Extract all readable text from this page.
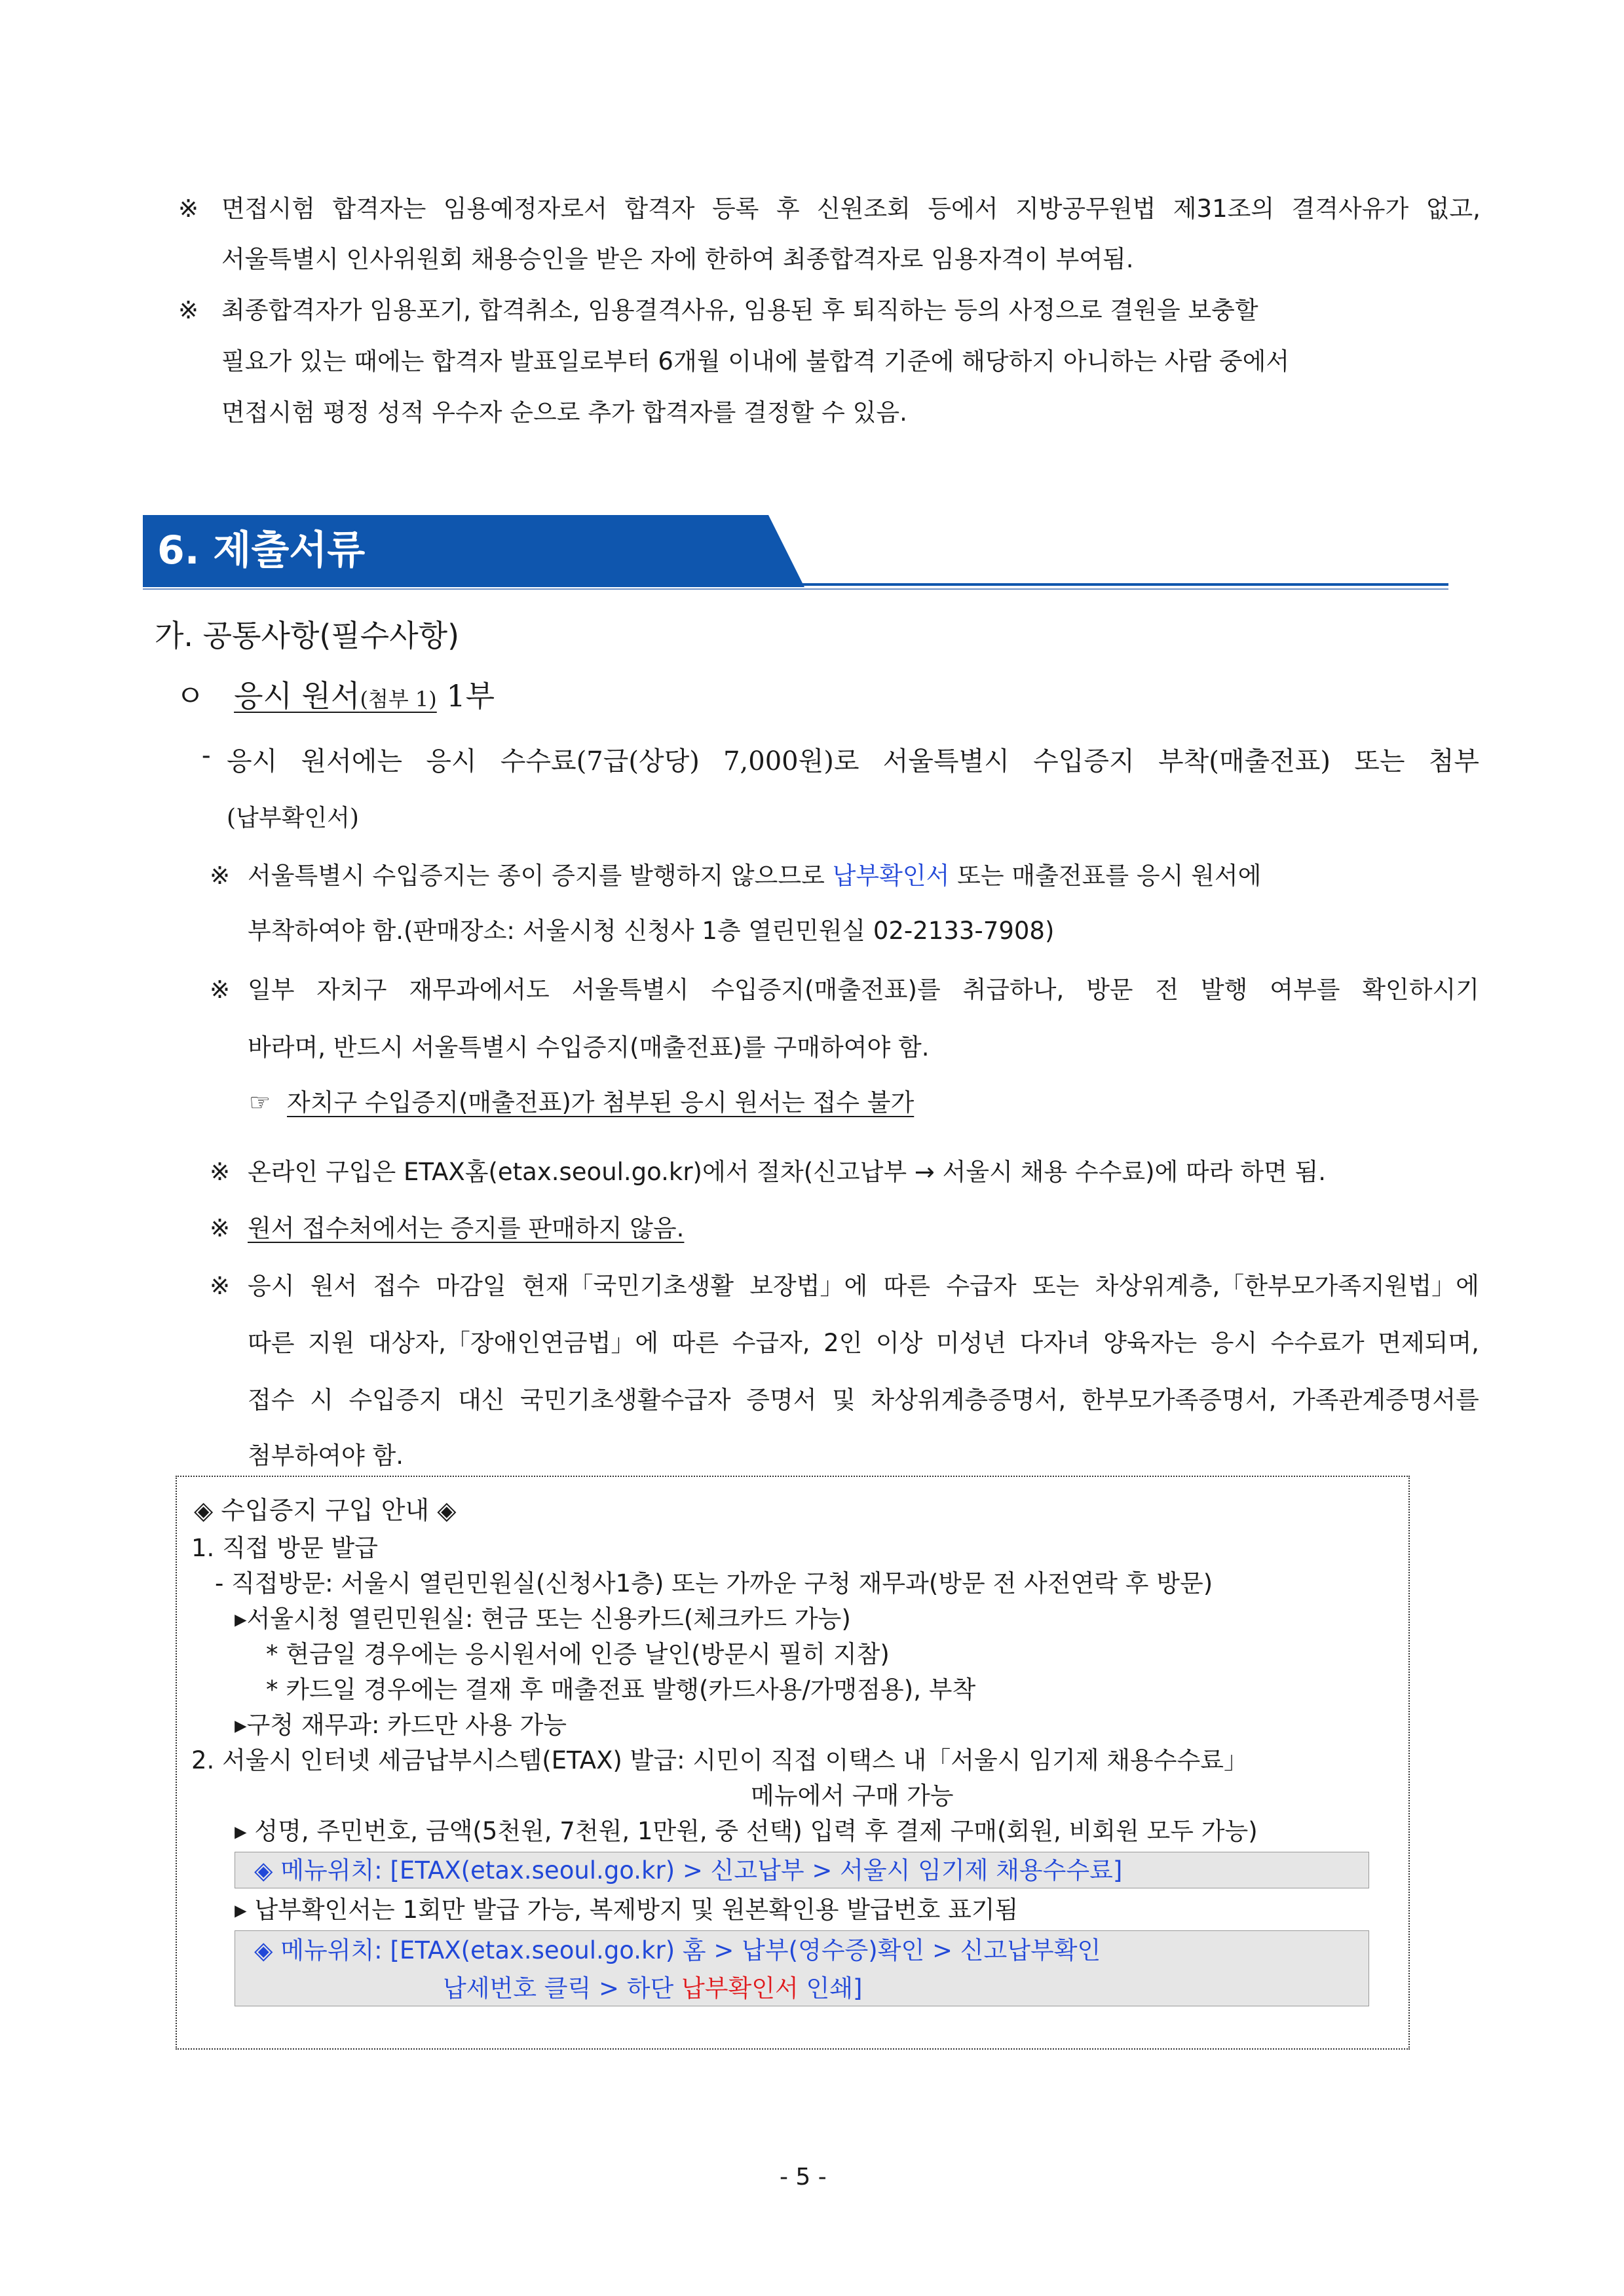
※ 면접시험 합격자는 임용예정자로서 합격자 등록 후 신원조회 등에서 지방공무원법 제31조의 결격사유가 없고,
서울특별시 인사위원회 채용승인을 받은 자에 한하여 최종합격자로 임용자격이 부여됨.
※ 최종합격자가 임용포기, 합격취소, 임용결격사유, 임용된 후 퇴직하는 등의 사정으로 결원을 보충할
필요가 있는 때에는 합격자 발표일로부터 6개월 이내에 불합격 기준에 해당하지 아니하는 사람 중에서
면접시험 평정 성적 우수자 순으로 추가 합격자를 결정할 수 있음.
6. 제출서류
가. 공통사항(필수사항)
ㅇ 응시 원서(첨부 1) 1부
- 응시 원서에는 응시 수수료(7급(상당) 7,000원)로 서울특별시 수입증지 부착(매출전표) 또는 첨부
(납부확인서)
※ 서울특별시 수입증지는 종이 증지를 발행하지 않으므로 납부확인서 또는 매출전표를 응시 원서에
부착하여야 함.(판매장소: 서울시청 신청사 1층 열린민원실 02-2133-7908)
※ 일부 자치구 재무과에서도 서울특별시 수입증지(매출전표)를 취급하나, 방문 전 발행 여부를 확인하시기
바라며, 반드시 서울특별시 수입증지(매출전표)를 구매하여야 함.
☞ 자치구 수입증지(매출전표)가 첨부된 응시 원서는 접수 불가
※ 온라인 구입은 ETAX홈(etax.seoul.go.kr)에서 절차(신고납부 → 서울시 채용 수수료)에 따라 하면 됨.
※ 원서 접수처에서는 증지를 판매하지 않음.
※ 응시 원서 접수 마감일 현재「국민기초생활 보장법」에 따른 수급자 또는 차상위계층,「한부모가족지원법」에
따른 지원 대상자,「장애인연금법」에 따른 수급자, 2인 이상 미성년 다자녀 양육자는 응시 수수료가 면제되며,
접수 시 수입증지 대신 국민기초생활수급자 증명서 및 차상위계층증명서, 한부모가족증명서, 가족관계증명서를
첨부하여야 함.
◈ 수입증지 구입 안내 ◈
1. 직접 방문 발급
- 직접방문: 서울시 열린민원실(신청사1층) 또는 가까운 구청 재무과(방문 전 사전연락 후 방문)
▸서울시청 열린민원실: 현금 또는 신용카드(체크카드 가능)
* 현금일 경우에는 응시원서에 인증 날인(방문시 필히 지참)
* 카드일 경우에는 결재 후 매출전표 발행(카드사용/가맹점용), 부착
▸구청 재무과: 카드만 사용 가능
2. 서울시 인터넷 세금납부시스템(ETAX) 발급: 시민이 직접 이택스 내「서울시 임기제 채용수수료」
메뉴에서 구매 가능
▸ 성명, 주민번호, 금액(5천원, 7천원, 1만원, 중 선택) 입력 후 결제 구매(회원, 비회원 모두 가능)
◈ 메뉴위치: [ETAX(etax.seoul.go.kr) > 신고납부 > 서울시 임기제 채용수수료]
▸ 납부확인서는 1회만 발급 가능, 복제방지 및 원본확인용 발급번호 표기됨
◈ 메뉴위치: [ETAX(etax.seoul.go.kr) 홈 > 납부(영수증)확인 > 신고납부확인
납세번호 클릭 > 하단 납부확인서 인쇄]
- 5 -
